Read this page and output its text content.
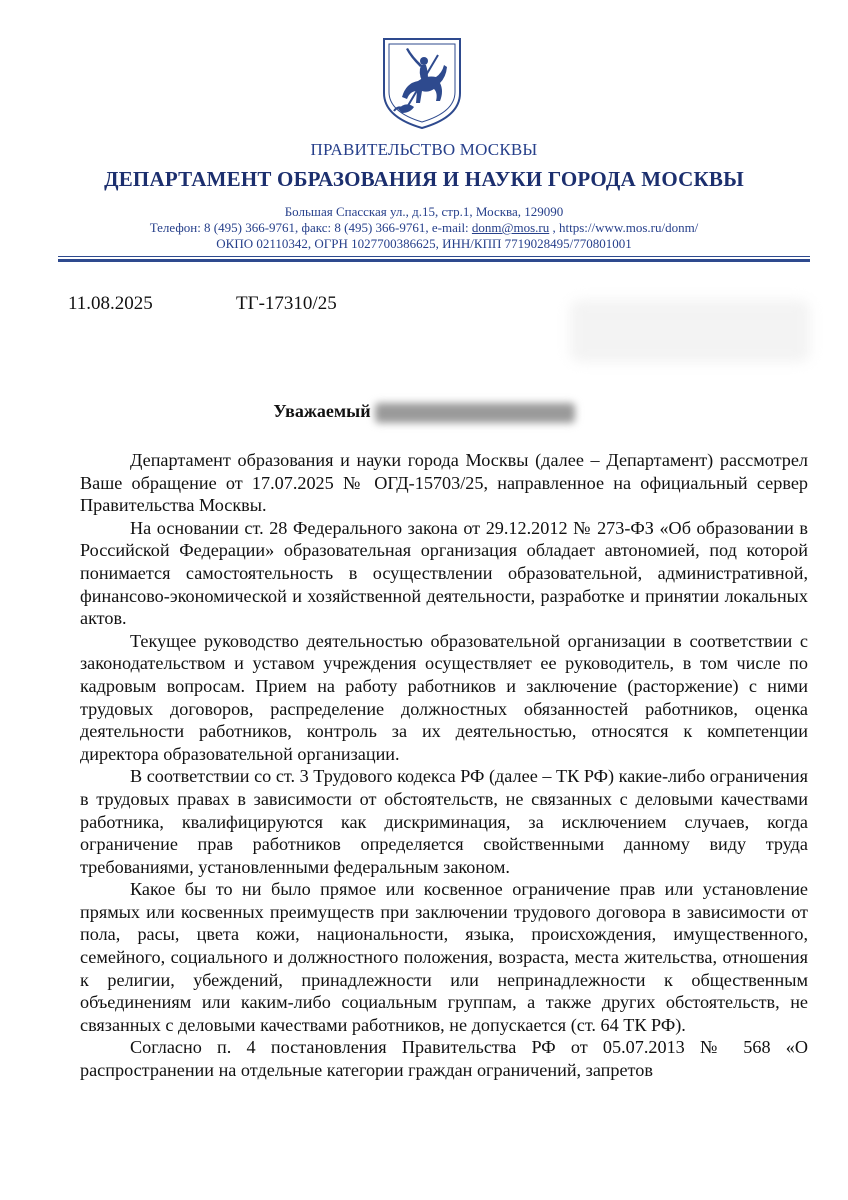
ПРАВИТЕЛЬСТВО МОСКВЫ
ДЕПАРТАМЕНТ ОБРАЗОВАНИЯ И НАУКИ ГОРОДА МОСКВЫ
Большая Спасская ул., д.15, стр.1, Москва, 129090
Телефон: 8 (495) 366-9761, факс: 8 (495) 366-9761, e-mail: donm@mos.ru , https://www.mos.ru/donm/
ОКПО 02110342, ОГРН 1027700386625, ИНН/КПП 7719028495/770801001
11.08.2025	ТГ-17310/25
Уважаемый

Департамент образования и науки города Москвы (далее – Департамент) рассмотрел Ваше обращение от 17.07.2025 № ОГД-15703/25, направленное на официальный сервер Правительства Москвы.

На основании ст. 28 Федерального закона от 29.12.2012 № 273-ФЗ «Об образовании в Российской Федерации» образовательная организация обладает автономией, под которой понимается самостоятельность в осуществлении образовательной, административной, финансово-экономической и хозяйственной деятельности, разработке и принятии локальных актов.

Текущее руководство деятельностью образовательной организации в соответствии с законодательством и уставом учреждения осуществляет ее руководитель, в том числе по кадровым вопросам. Прием на работу работников и заключение (расторжение) с ними трудовых договоров, распределение должностных обязанностей работников, оценка деятельности работников, контроль за их деятельностью, относятся к компетенции директора образовательной организации.

В соответствии со ст. 3 Трудового кодекса РФ (далее – ТК РФ) какие-либо ограничения в трудовых правах в зависимости от обстоятельств, не связанных с деловыми качествами работника, квалифицируются как дискриминация, за исключением случаев, когда ограничение прав работников определяется свойственными данному виду труда требованиями, установленными федеральным законом.

Какое бы то ни было прямое или косвенное ограничение прав или установление прямых или косвенных преимуществ при заключении трудового договора в зависимости от пола, расы, цвета кожи, национальности, языка, происхождения, имущественного, семейного, социального и должностного положения, возраста, места жительства, отношения к религии, убеждений, принадлежности или непринадлежности к общественным объединениям или каким-либо социальным группам, а также других обстоятельств, не связанных с деловыми качествами работников, не допускается (ст. 64 ТК РФ).

Согласно п. 4 постановления Правительства РФ от 05.07.2013 № 568 «О распространении на отдельные категории граждан ограничений, запретов
